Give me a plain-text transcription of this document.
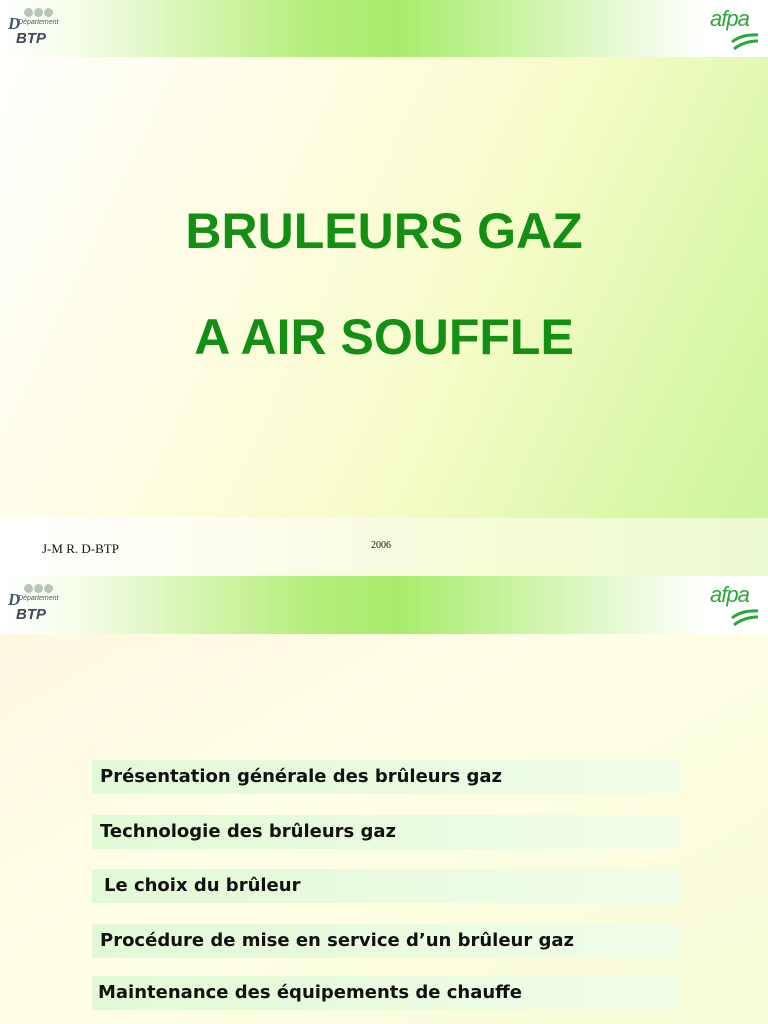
D
Département
BTP
afpa
BRULEURS GAZ
A AIR SOUFFLE
J-M R. D-BTP	2006
D
Département
BTP
afpa
Présentation générale des brûleurs gaz
Technologie des brûleurs gaz
Le choix du brûleur
Procédure de mise en service d’un brûleur gaz
Maintenance des équipements de chauffe
